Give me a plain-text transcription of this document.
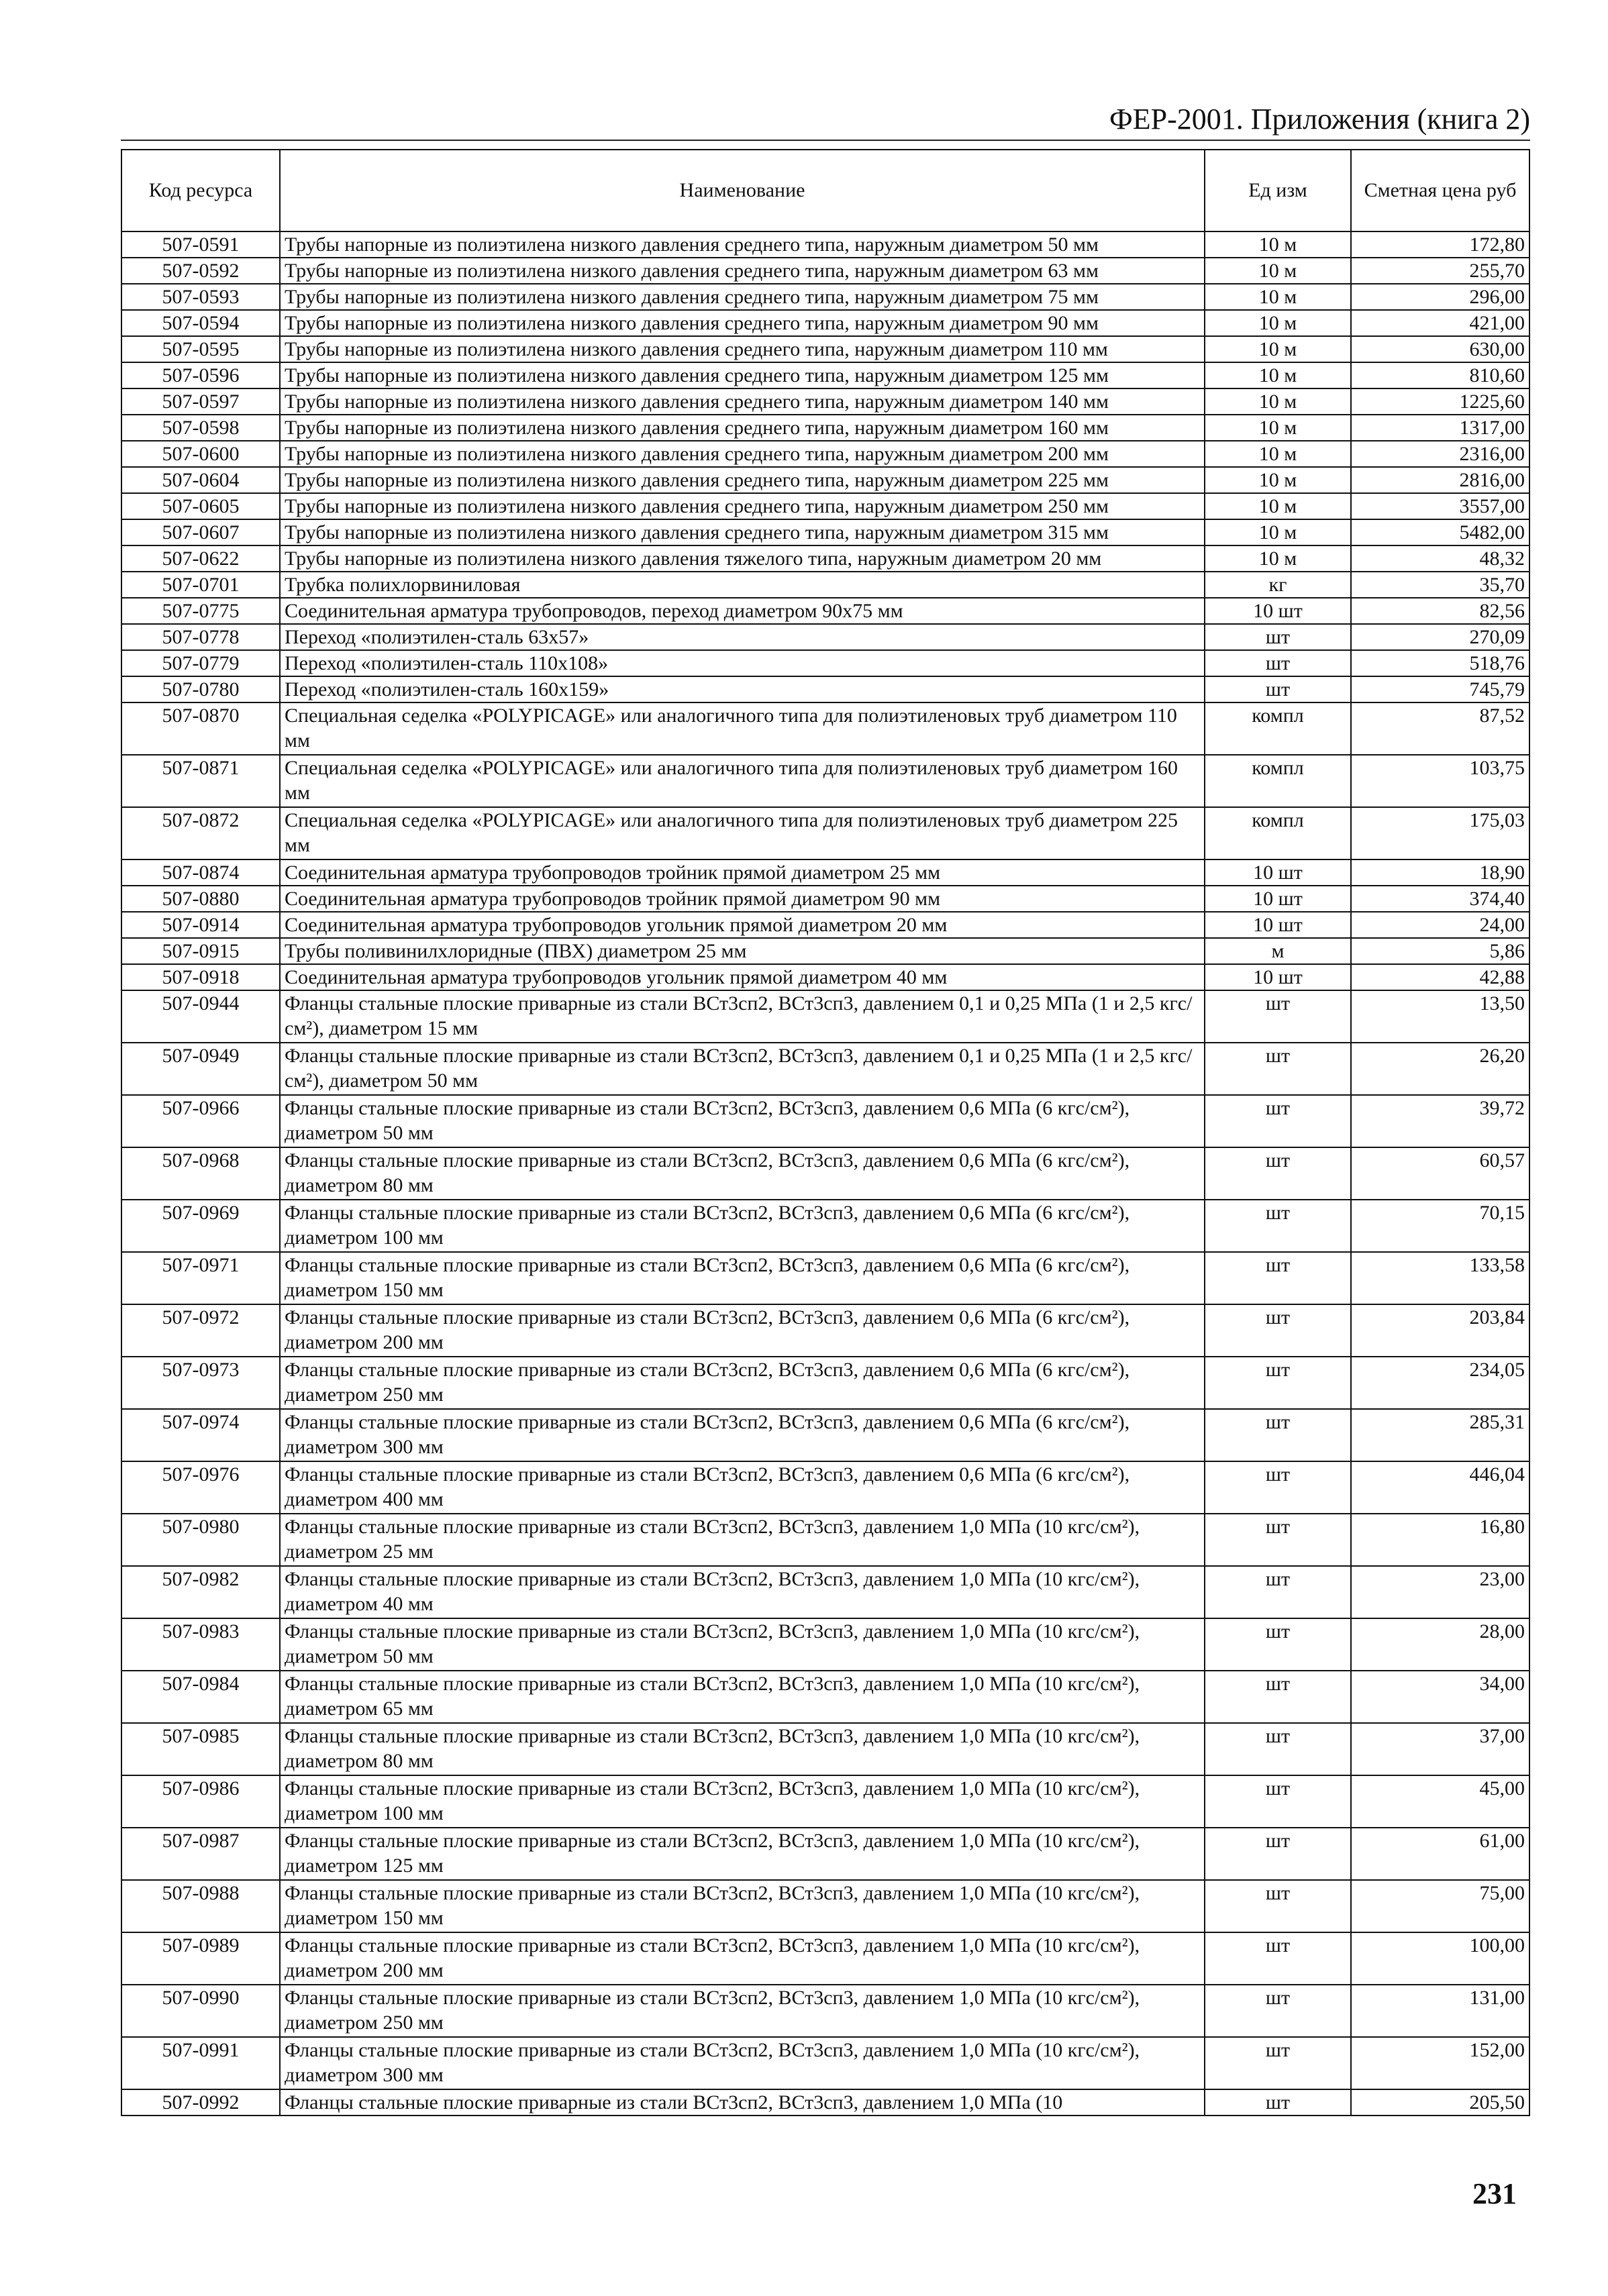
ФЕР-2001. Приложения (книга 2)
Код ресурса	Наименование	Ед изм	Сметная цена руб
507-0591	Трубы напорные из полиэтилена низкого давления среднего типа, наружным диаметром 50 мм	10 м	172,80
507-0592	Трубы напорные из полиэтилена низкого давления среднего типа, наружным диаметром 63 мм	10 м	255,70
507-0593	Трубы напорные из полиэтилена низкого давления среднего типа, наружным диаметром 75 мм	10 м	296,00
507-0594	Трубы напорные из полиэтилена низкого давления среднего типа, наружным диаметром 90 мм	10 м	421,00
507-0595	Трубы напорные из полиэтилена низкого давления среднего типа, наружным диаметром 110 мм	10 м	630,00
507-0596	Трубы напорные из полиэтилена низкого давления среднего типа, наружным диаметром 125 мм	10 м	810,60
507-0597	Трубы напорные из полиэтилена низкого давления среднего типа, наружным диаметром 140 мм	10 м	1225,60
507-0598	Трубы напорные из полиэтилена низкого давления среднего типа, наружным диаметром 160 мм	10 м	1317,00
507-0600	Трубы напорные из полиэтилена низкого давления среднего типа, наружным диаметром 200 мм	10 м	2316,00
507-0604	Трубы напорные из полиэтилена низкого давления среднего типа, наружным диаметром 225 мм	10 м	2816,00
507-0605	Трубы напорные из полиэтилена низкого давления среднего типа, наружным диаметром 250 мм	10 м	3557,00
507-0607	Трубы напорные из полиэтилена низкого давления среднего типа, наружным диаметром 315 мм	10 м	5482,00
507-0622	Трубы напорные из полиэтилена низкого давления тяжелого типа, наружным диаметром 20 мм	10 м	48,32
507-0701	Трубка полихлорвиниловая	кг	35,70
507-0775	Соединительная арматура трубопроводов, переход диаметром 90х75 мм	10 шт	82,56
507-0778	Переход «полиэтилен-сталь 63х57»	шт	270,09
507-0779	Переход «полиэтилен-сталь 110х108»	шт	518,76
507-0780	Переход «полиэтилен-сталь 160х159»	шт	745,79
507-0870	Специальная седелка «POLYPICAGE» или аналогичного типа для полиэтиленовых труб диаметром 110 мм	компл	87,52
507-0871	Специальная седелка «POLYPICAGE» или аналогичного типа для полиэтиленовых труб диаметром 160 мм	компл	103,75
507-0872	Специальная седелка «POLYPICAGE» или аналогичного типа для полиэтиленовых труб диаметром 225 мм	компл	175,03
507-0874	Соединительная арматура трубопроводов тройник прямой диаметром 25 мм	10 шт	18,90
507-0880	Соединительная арматура трубопроводов тройник прямой диаметром 90 мм	10 шт	374,40
507-0914	Соединительная арматура трубопроводов угольник прямой диаметром 20 мм	10 шт	24,00
507-0915	Трубы поливинилхлоридные (ПВХ) диаметром 25 мм	м	5,86
507-0918	Соединительная арматура трубопроводов угольник прямой диаметром 40 мм	10 шт	42,88
507-0944	Фланцы стальные плоские приварные из стали ВСт3сп2, ВСт3сп3, давлением 0,1 и 0,25 МПа (1 и 2,5 кгс/см²), диаметром 15 мм	шт	13,50
507-0949	Фланцы стальные плоские приварные из стали ВСт3сп2, ВСт3сп3, давлением 0,1 и 0,25 МПа (1 и 2,5 кгс/см²), диаметром 50 мм	шт	26,20
507-0966	Фланцы стальные плоские приварные из стали ВСт3сп2, ВСт3сп3, давлением 0,6 МПа (6 кгс/см²), диаметром 50 мм	шт	39,72
507-0968	Фланцы стальные плоские приварные из стали ВСт3сп2, ВСт3сп3, давлением 0,6 МПа (6 кгс/см²), диаметром 80 мм	шт	60,57
507-0969	Фланцы стальные плоские приварные из стали ВСт3сп2, ВСт3сп3, давлением 0,6 МПа (6 кгс/см²), диаметром 100 мм	шт	70,15
507-0971	Фланцы стальные плоские приварные из стали ВСт3сп2, ВСт3сп3, давлением 0,6 МПа (6 кгс/см²), диаметром 150 мм	шт	133,58
507-0972	Фланцы стальные плоские приварные из стали ВСт3сп2, ВСт3сп3, давлением 0,6 МПа (6 кгс/см²), диаметром 200 мм	шт	203,84
507-0973	Фланцы стальные плоские приварные из стали ВСт3сп2, ВСт3сп3, давлением 0,6 МПа (6 кгс/см²), диаметром 250 мм	шт	234,05
507-0974	Фланцы стальные плоские приварные из стали ВСт3сп2, ВСт3сп3, давлением 0,6 МПа (6 кгс/см²), диаметром 300 мм	шт	285,31
507-0976	Фланцы стальные плоские приварные из стали ВСт3сп2, ВСт3сп3, давлением 0,6 МПа (6 кгс/см²), диаметром 400 мм	шт	446,04
507-0980	Фланцы стальные плоские приварные из стали ВСт3сп2, ВСт3сп3, давлением 1,0 МПа (10 кгс/см²), диаметром 25 мм	шт	16,80
507-0982	Фланцы стальные плоские приварные из стали ВСт3сп2, ВСт3сп3, давлением 1,0 МПа (10 кгс/см²), диаметром 40 мм	шт	23,00
507-0983	Фланцы стальные плоские приварные из стали ВСт3сп2, ВСт3сп3, давлением 1,0 МПа (10 кгс/см²), диаметром 50 мм	шт	28,00
507-0984	Фланцы стальные плоские приварные из стали ВСт3сп2, ВСт3сп3, давлением 1,0 МПа (10 кгс/см²), диаметром 65 мм	шт	34,00
507-0985	Фланцы стальные плоские приварные из стали ВСт3сп2, ВСт3сп3, давлением 1,0 МПа (10 кгс/см²), диаметром 80 мм	шт	37,00
507-0986	Фланцы стальные плоские приварные из стали ВСт3сп2, ВСт3сп3, давлением 1,0 МПа (10 кгс/см²), диаметром 100 мм	шт	45,00
507-0987	Фланцы стальные плоские приварные из стали ВСт3сп2, ВСт3сп3, давлением 1,0 МПа (10 кгс/см²), диаметром 125 мм	шт	61,00
507-0988	Фланцы стальные плоские приварные из стали ВСт3сп2, ВСт3сп3, давлением 1,0 МПа (10 кгс/см²), диаметром 150 мм	шт	75,00
507-0989	Фланцы стальные плоские приварные из стали ВСт3сп2, ВСт3сп3, давлением 1,0 МПа (10 кгс/см²), диаметром 200 мм	шт	100,00
507-0990	Фланцы стальные плоские приварные из стали ВСт3сп2, ВСт3сп3, давлением 1,0 МПа (10 кгс/см²), диаметром 250 мм	шт	131,00
507-0991	Фланцы стальные плоские приварные из стали ВСт3сп2, ВСт3сп3, давлением 1,0 МПа (10 кгс/см²), диаметром 300 мм	шт	152,00
507-0992	Фланцы стальные плоские приварные из стали ВСт3сп2, ВСт3сп3, давлением 1,0 МПа (10	шт	205,50
231
